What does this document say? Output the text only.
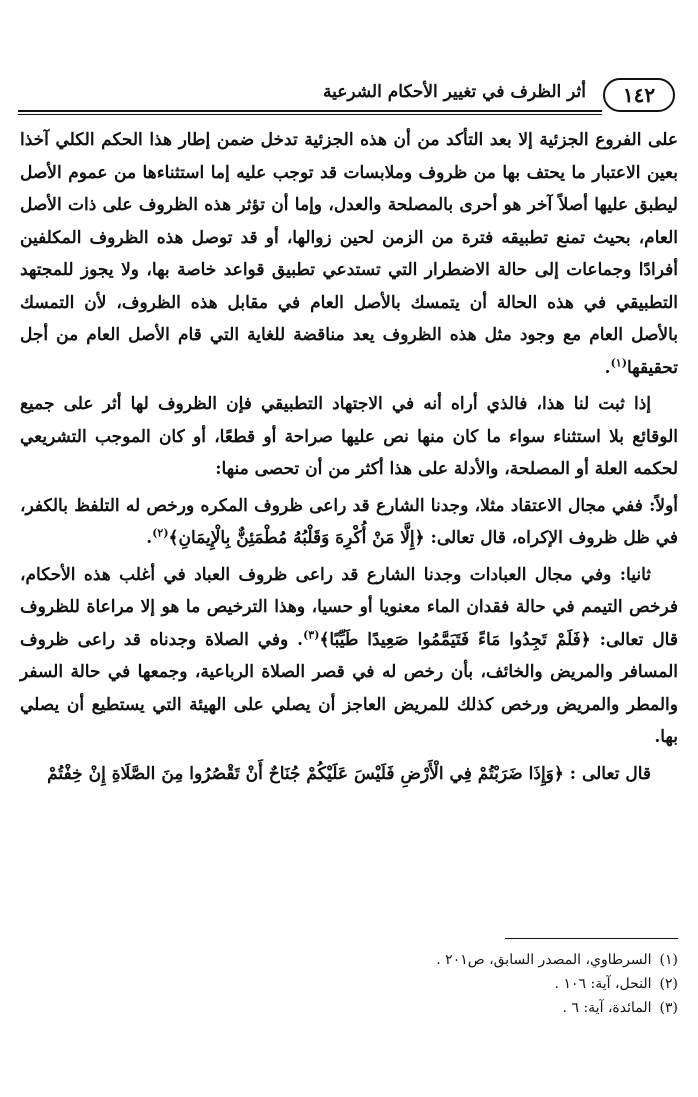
١٤٢
أثر الظرف في تغيير الأحكام الشرعية

على الفروع الجزئية إلا بعد التأكد من أن هذه الجزئية تدخل ضمن إطار هذا الحكم الكلي آخذا بعين الاعتبار ما يحتف بها من ظروف وملابسات قد توجب عليه إما استثناءها من عموم الأصل ليطبق عليها أصلاً آخر هو أحرى بالمصلحة والعدل، وإما أن تؤثر هذه الظروف على ذات الأصل العام، بحيث تمنع تطبيقه فترة من الزمن لحين زوالها، أو قد توصل هذه الظروف المكلفين أفرادًا وجماعات إلى حالة الاضطرار التي تستدعي تطبيق قواعد خاصة بها، ولا يجوز للمجتهد التطبيقي في هذه الحالة أن يتمسك بالأصل العام في مقابل هذه الظروف، لأن التمسك بالأصل العام مع وجود مثل هذه الظروف يعد مناقضة للغاية التي قام الأصل العام من أجل تحقيقها$^{(١)}$.

إذا ثبت لنا هذا، فالذي أراه أنه في الاجتهاد التطبيقي فإن الظروف لها أثر على جميع الوقائع بلا استثناء سواء ما كان منها نص عليها صراحة أو قطعًا، أو كان الموجب التشريعي لحكمه العلة أو المصلحة، والأدلة على هذا أكثر من أن تحصى منها:

أولاً: ففي مجال الاعتقاد مثلا، وجدنا الشارع قد راعى ظروف المكره ورخص له التلفظ بالكفر، في ظل ظروف الإكراه، قال تعالى: ﴿إِلَّا مَنْ أُكْرِهَ وَقَلْبُهُ مُطْمَئِنٌّ بِالْإِيمَانِ﴾$^{(٢)}$.

ثانيا: وفي مجال العبادات وجدنا الشارع قد راعى ظروف العباد في أغلب هذه الأحكام، فرخص التيمم في حالة فقدان الماء معنويا أو حسيا، وهذا الترخيص ما هو إلا مراعاة للظروف قال تعالى: ﴿فَلَمْ تَجِدُوا مَاءً فَتَيَمَّمُوا صَعِيدًا طَيِّبًا﴾$^{(٣)}$. وفي الصلاة وجدناه قد راعى ظروف المسافر والمريض والخائف، بأن رخص له في قصر الصلاة الرباعية، وجمعها في حالة السفر والمطر والمريض ورخص كذلك للمريض العاجز أن يصلي على الهيئة التي يستطيع أن يصلي بها.

قال تعالى : ﴿وَإِذَا ضَرَبْتُمْ فِي الْأَرْضِ فَلَيْسَ عَلَيْكُمْ جُنَاحٌ أَنْ تَقْصُرُوا مِنَ الصَّلَاةِ إِنْ خِفْتُمْ

(١)السرطاوي، المصدر السابق، ص٢٠١ .

(٢)النحل، آية: ١٠٦ .

(٣)المائدة، آية: ٦ .
